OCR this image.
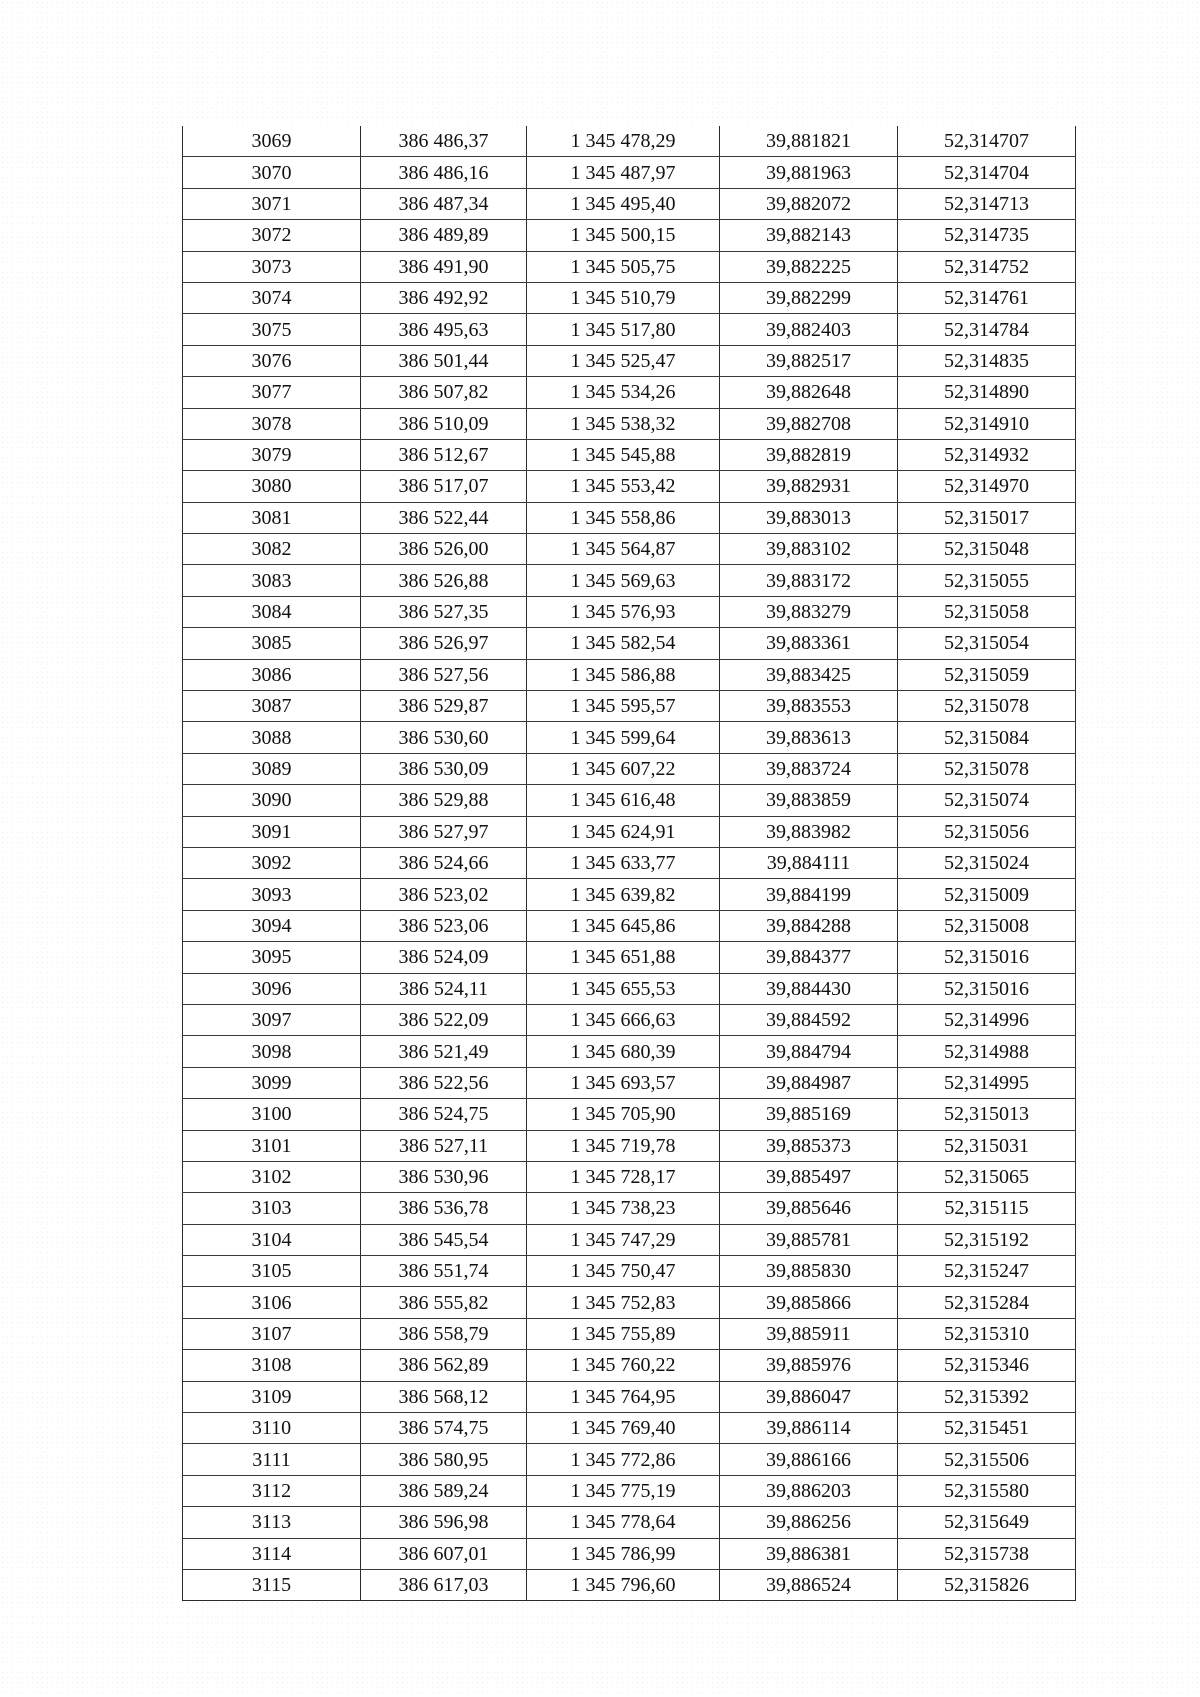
3069	386 486,37	1 345 478,29	39,881821	52,314707
3070	386 486,16	1 345 487,97	39,881963	52,314704
3071	386 487,34	1 345 495,40	39,882072	52,314713
3072	386 489,89	1 345 500,15	39,882143	52,314735
3073	386 491,90	1 345 505,75	39,882225	52,314752
3074	386 492,92	1 345 510,79	39,882299	52,314761
3075	386 495,63	1 345 517,80	39,882403	52,314784
3076	386 501,44	1 345 525,47	39,882517	52,314835
3077	386 507,82	1 345 534,26	39,882648	52,314890
3078	386 510,09	1 345 538,32	39,882708	52,314910
3079	386 512,67	1 345 545,88	39,882819	52,314932
3080	386 517,07	1 345 553,42	39,882931	52,314970
3081	386 522,44	1 345 558,86	39,883013	52,315017
3082	386 526,00	1 345 564,87	39,883102	52,315048
3083	386 526,88	1 345 569,63	39,883172	52,315055
3084	386 527,35	1 345 576,93	39,883279	52,315058
3085	386 526,97	1 345 582,54	39,883361	52,315054
3086	386 527,56	1 345 586,88	39,883425	52,315059
3087	386 529,87	1 345 595,57	39,883553	52,315078
3088	386 530,60	1 345 599,64	39,883613	52,315084
3089	386 530,09	1 345 607,22	39,883724	52,315078
3090	386 529,88	1 345 616,48	39,883859	52,315074
3091	386 527,97	1 345 624,91	39,883982	52,315056
3092	386 524,66	1 345 633,77	39,884111	52,315024
3093	386 523,02	1 345 639,82	39,884199	52,315009
3094	386 523,06	1 345 645,86	39,884288	52,315008
3095	386 524,09	1 345 651,88	39,884377	52,315016
3096	386 524,11	1 345 655,53	39,884430	52,315016
3097	386 522,09	1 345 666,63	39,884592	52,314996
3098	386 521,49	1 345 680,39	39,884794	52,314988
3099	386 522,56	1 345 693,57	39,884987	52,314995
3100	386 524,75	1 345 705,90	39,885169	52,315013
3101	386 527,11	1 345 719,78	39,885373	52,315031
3102	386 530,96	1 345 728,17	39,885497	52,315065
3103	386 536,78	1 345 738,23	39,885646	52,315115
3104	386 545,54	1 345 747,29	39,885781	52,315192
3105	386 551,74	1 345 750,47	39,885830	52,315247
3106	386 555,82	1 345 752,83	39,885866	52,315284
3107	386 558,79	1 345 755,89	39,885911	52,315310
3108	386 562,89	1 345 760,22	39,885976	52,315346
3109	386 568,12	1 345 764,95	39,886047	52,315392
3110	386 574,75	1 345 769,40	39,886114	52,315451
3111	386 580,95	1 345 772,86	39,886166	52,315506
3112	386 589,24	1 345 775,19	39,886203	52,315580
3113	386 596,98	1 345 778,64	39,886256	52,315649
3114	386 607,01	1 345 786,99	39,886381	52,315738
3115	386 617,03	1 345 796,60	39,886524	52,315826
